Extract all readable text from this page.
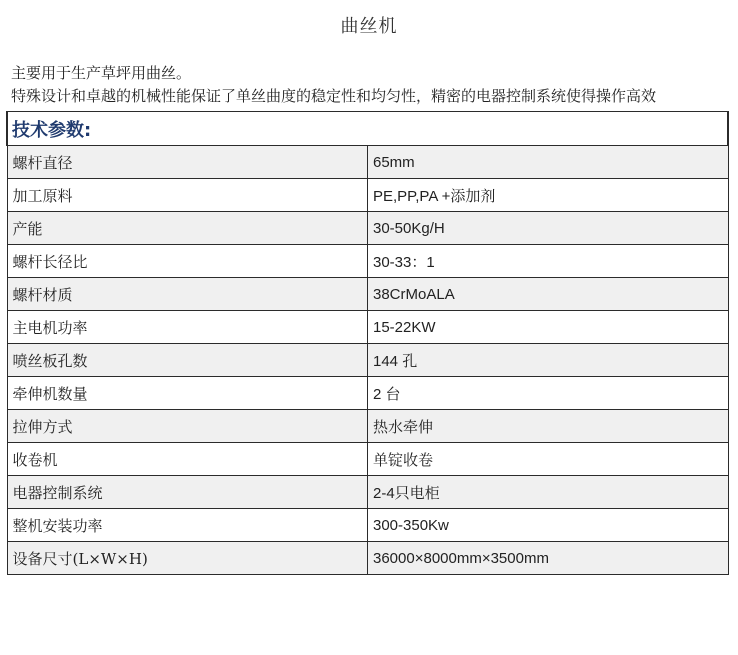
曲丝机

主要用于生产草坪用曲丝。

特殊设计和卓越的机械性能保证了单丝曲度的稳定性和均匀性，精密的电器控制系统使得操作高效

技术参数:	
螺杆直径	65mm
加工原料	PE,PP,PA +添加剂
产能	30-50Kg/H
螺杆长径比	30-33：1
螺杆材质	38CrMoALA
主电机功率	15-22KW
喷丝板孔数	144 孔
牵伸机数量	2 台
拉伸方式	热水牵伸
收卷机	单锭收卷
电器控制系统	2-4只电柜
整机安装功率	300-350Kw
设备尺寸(L×W×H)	36000×8000mm×3500mm
